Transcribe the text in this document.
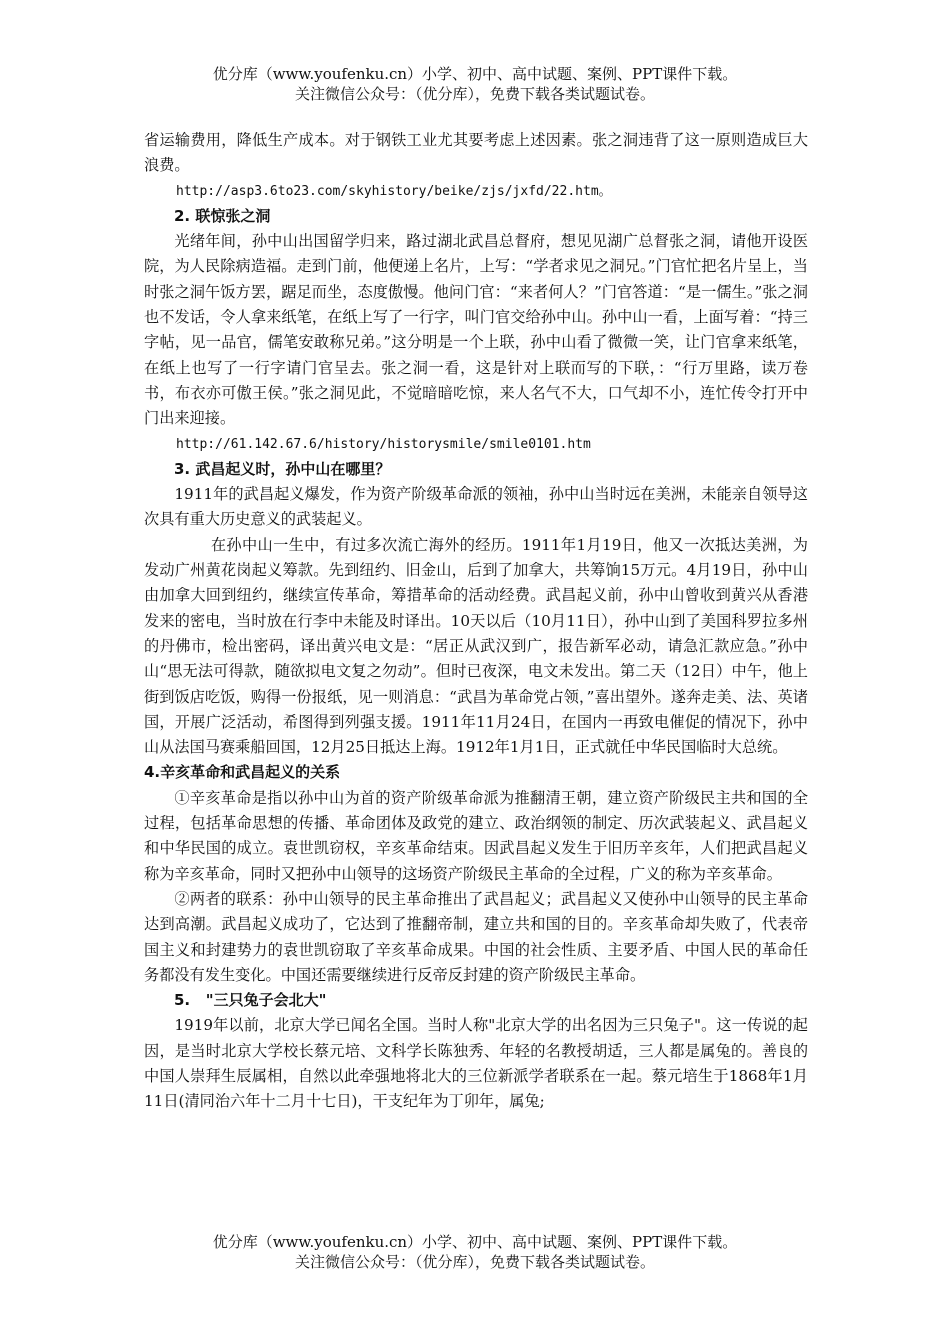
优分库（www.youfenku.cn）小学、初中、高中试题、案例、PPT课件下载。
关注微信公众号：（优分库），免费下载各类试题试卷。

省运输费用，降低生产成本。对于钢铁工业尤其要考虑上述因素。张之洞违背了这一原则造成巨大浪费。

http://asp3.6to23.com/skyhistory/beike/zjs/jxfd/22.htm。

2. 联惊张之洞

光绪年间，孙中山出国留学归来，路过湖北武昌总督府，想见见湖广总督张之洞，请他开设医院，为人民除病造福。走到门前，他便递上名片，上写：“学者求见之洞兄。”门官忙把名片呈上，当时张之洞午饭方罢，踞足而坐，态度傲慢。他问门官：“来者何人？”门官答道：“是一儒生。”张之洞也不发话，令人拿来纸笔，在纸上写了一行字，叫门官交给孙中山。孙中山一看，上面写着：“持三字帖，见一品官，儒笔安敢称兄弟。”这分明是一个上联，孙中山看了微微一笑，让门官拿来纸笔，在纸上也写了一行字请门官呈去。张之洞一看，这是针对上联而写的下联，：“行万里路，读万卷书，布衣亦可傲王侯。”张之洞见此，不觉暗暗吃惊，来人名气不大，口气却不小，连忙传令打开中门出来迎接。

http://61.142.67.6/history/historysmile/smile0101.htm

3. 武昌起义时，孙中山在哪里？

1911年的武昌起义爆发，作为资产阶级革命派的领袖，孙中山当时远在美洲，未能亲自领导这次具有重大历史意义的武装起义。

在孙中山一生中，有过多次流亡海外的经历。1911年1月19日，他又一次抵达美洲，为发动广州黄花岗起义筹款。先到纽约、旧金山，后到了加拿大，共筹饷15万元。4月19日，孙中山由加拿大回到纽约，继续宣传革命，筹措革命的活动经费。武昌起义前，孙中山曾收到黄兴从香港发来的密电，当时放在行李中未能及时译出。10天以后（10月11日），孙中山到了美国科罗拉多州的丹佛市，检出密码，译出黄兴电文是：“居正从武汉到广，报告新军必动，请急汇款应急。”孙中山“思无法可得款，随欲拟电文复之勿动”。但时已夜深，电文未发出。第二天（12日）中午，他上街到饭店吃饭，购得一份报纸，见一则消息：“武昌为革命党占领，”喜出望外。遂奔走美、法、英诸国，开展广泛活动，希图得到列强支援。1911年11月24日，在国内一再致电催促的情况下，孙中山从法国马赛乘船回国，12月25日抵达上海。1912年1月1日，正式就任中华民国临时大总统。

4.辛亥革命和武昌起义的关系

①辛亥革命是指以孙中山为首的资产阶级革命派为推翻清王朝，建立资产阶级民主共和国的全过程，包括革命思想的传播、革命团体及政党的建立、政治纲领的制定、历次武装起义、武昌起义和中华民国的成立。袁世凯窃权，辛亥革命结束。因武昌起义发生于旧历辛亥年，人们把武昌起义称为辛亥革命，同时又把孙中山领导的这场资产阶级民主革命的全过程，广义的称为辛亥革命。

②两者的联系：孙中山领导的民主革命推出了武昌起义；武昌起义又使孙中山领导的民主革命达到高潮。武昌起义成功了，它达到了推翻帝制，建立共和国的目的。辛亥革命却失败了，代表帝国主义和封建势力的袁世凯窃取了辛亥革命成果。中国的社会性质、主要矛盾、中国人民的革命任务都没有发生变化。中国还需要继续进行反帝反封建的资产阶级民主革命。

5.   "三只兔子会北大"

1919年以前，北京大学已闻名全国。当时人称"北京大学的出名因为三只兔子"。这一传说的起因，是当时北京大学校长蔡元培、文科学长陈独秀、年轻的名教授胡适，三人都是属兔的。善良的中国人崇拜生辰属相，自然以此牵强地将北大的三位新派学者联系在一起。蔡元培生于1868年1月11日(清同治六年十二月十七日)，干支纪年为丁卯年，属兔;

优分库（www.youfenku.cn）小学、初中、高中试题、案例、PPT课件下载。
关注微信公众号：（优分库），免费下载各类试题试卷。
